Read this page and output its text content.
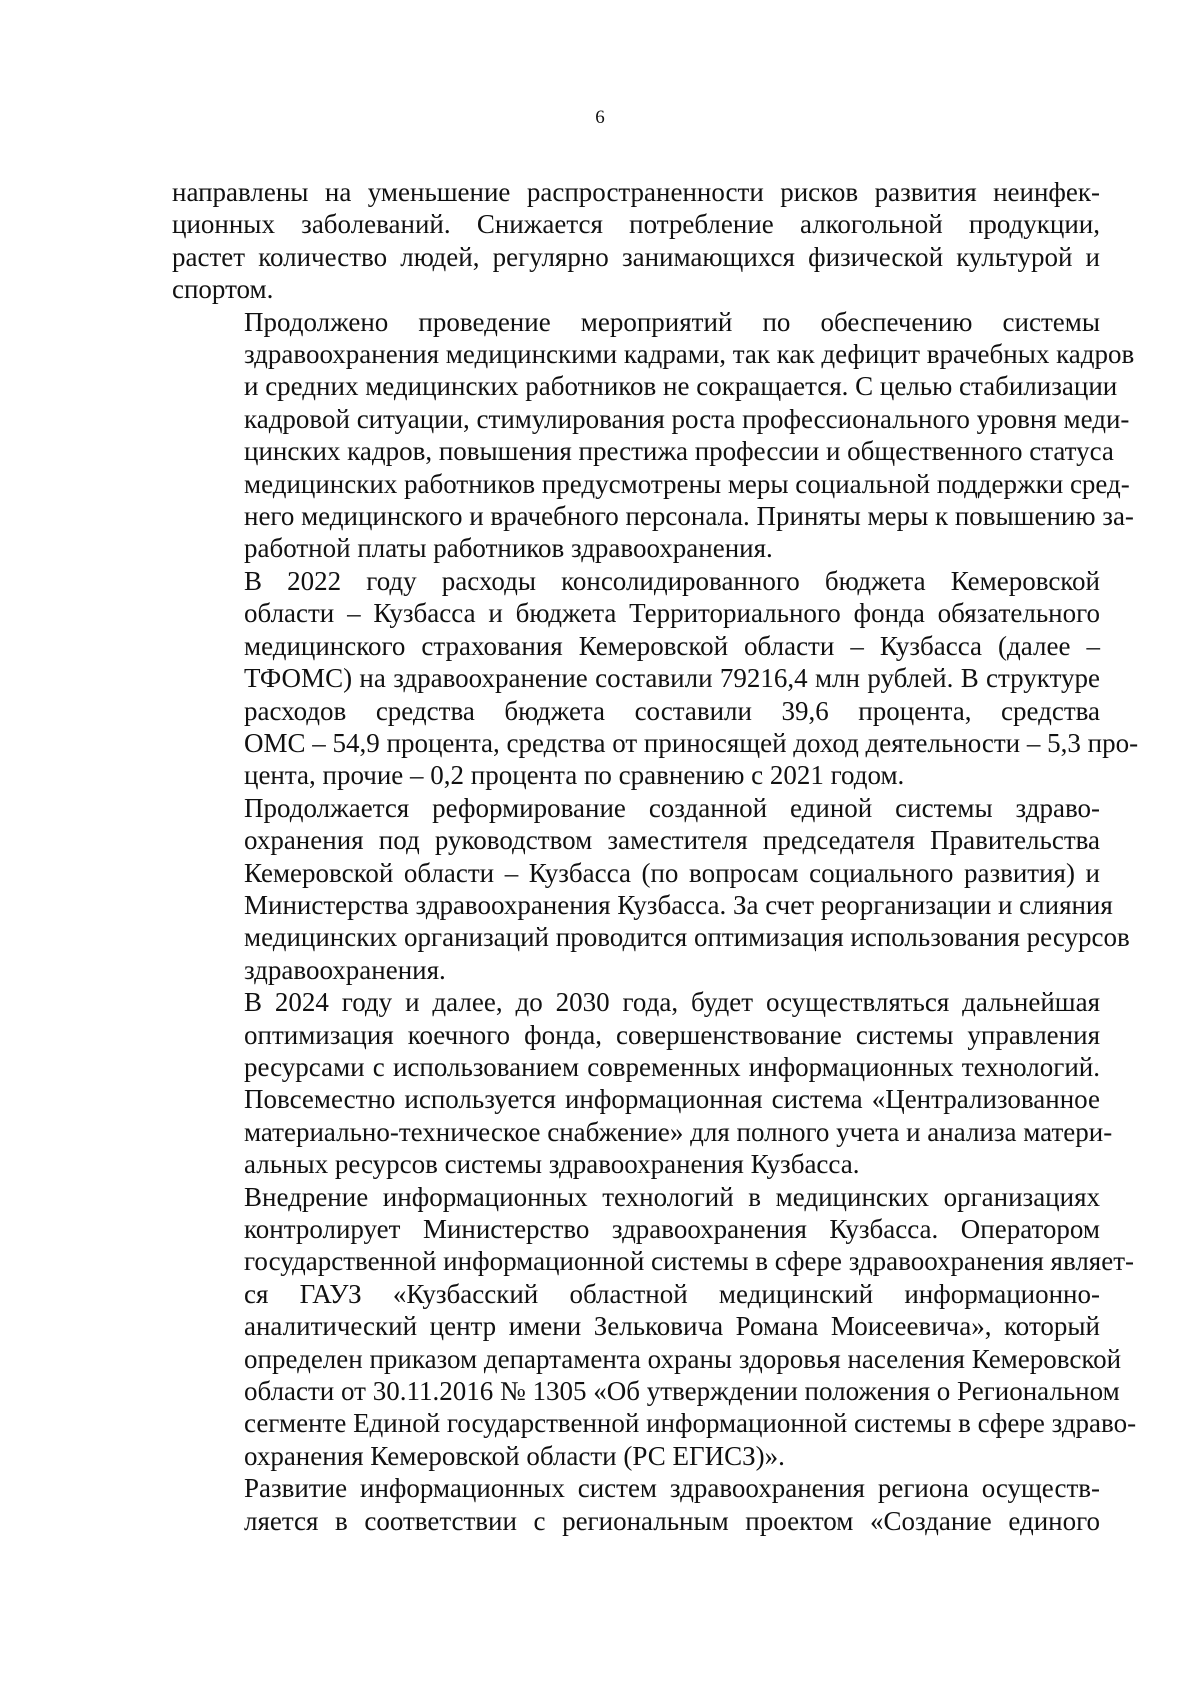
6

направлены на уменьшение распространенности рисков развития неинфек-
ционных заболеваний. Снижается потребление алкогольной продукции,
растет количество людей, регулярно занимающихся физической культурой и
спортом.

Продолжено проведение мероприятий по обеспечению системы
здравоохранения медицинскими кадрами, так как дефицит врачебных кадров
и средних медицинских работников не сокращается. С целью стабилизации
кадровой ситуации, стимулирования роста профессионального уровня меди-
цинских кадров, повышения престижа профессии и общественного статуса
медицинских работников предусмотрены меры социальной поддержки сред-
него медицинского и врачебного персонала. Приняты меры к повышению за-
работной платы работников здравоохранения.

В 2022 году расходы консолидированного бюджета Кемеровской
области – Кузбасса и бюджета Территориального фонда обязательного
медицинского страхования Кемеровской области – Кузбасса (далее –
ТФОМС) на здравоохранение составили 79216,4 млн рублей. В структуре
расходов средства бюджета составили 39,6 процента, средства
ОМС – 54,9 процента, средства от приносящей доход деятельности – 5,3 про-
цента, прочие – 0,2 процента по сравнению с 2021 годом.

Продолжается реформирование созданной единой системы здраво-
охранения под руководством заместителя председателя Правительства
Кемеровской области – Кузбасса (по вопросам социального развития) и
Министерства здравоохранения Кузбасса. За счет реорганизации и слияния
медицинских организаций проводится оптимизация использования ресурсов
здравоохранения.

В 2024 году и далее, до 2030 года, будет осуществляться дальнейшая
оптимизация коечного фонда, совершенствование системы управления
ресурсами с использованием современных информационных технологий.
Повсеместно используется информационная система «Централизованное
материально-техническое снабжение» для полного учета и анализа матери-
альных ресурсов системы здравоохранения Кузбасса.

Внедрение информационных технологий в медицинских организациях
контролирует Министерство здравоохранения Кузбасса. Оператором
государственной информационной системы в сфере здравоохранения являет-
ся ГАУЗ «Кузбасский областной медицинский информационно-
аналитический центр имени Зельковича Романа Моисеевича», который
определен приказом департамента охраны здоровья населения Кемеровской
области от 30.11.2016 № 1305 «Об утверждении положения о Региональном
сегменте Единой государственной информационной системы в сфере здраво-
охранения Кемеровской области (РС ЕГИСЗ)».

Развитие информационных систем здравоохранения региона осуществ-
ляется в соответствии с региональным проектом «Создание единого
